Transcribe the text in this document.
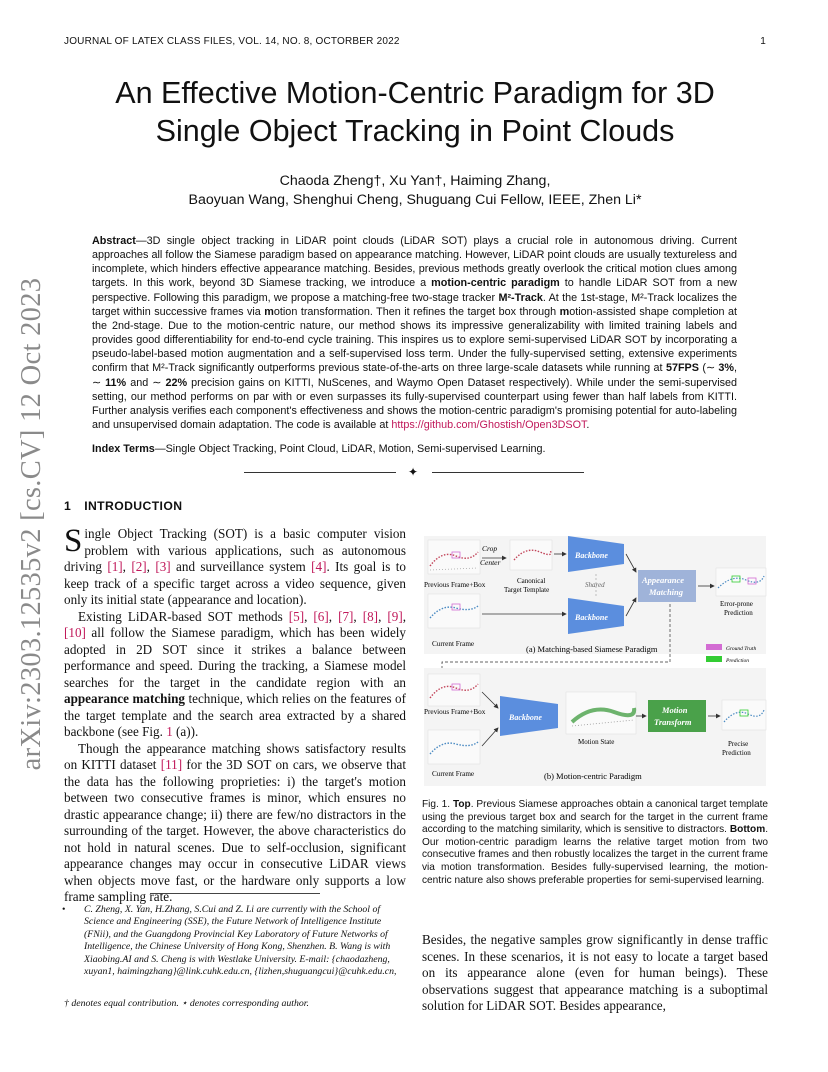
JOURNAL OF LATEX CLASS FILES, VOL. 14, NO. 8, OCTORBER 2022	1
arXiv:2303.12535v2 [cs.CV] 12 Oct 2023
An Effective Motion-Centric Paradigm for 3D
Single Object Tracking in Point Clouds
Chaoda Zheng†, Xu Yan†, Haiming Zhang,
Baoyuan Wang, Shenghui Cheng, Shuguang Cui Fellow, IEEE, Zhen Li*
Abstract—3D single object tracking in LiDAR point clouds (LiDAR SOT) plays a crucial role in autonomous driving. Current approaches all follow the Siamese paradigm based on appearance matching. However, LiDAR point clouds are usually textureless and incomplete, which hinders effective appearance matching. Besides, previous methods greatly overlook the critical motion clues among targets. In this work, beyond 3D Siamese tracking, we introduce a motion-centric paradigm to handle LiDAR SOT from a new perspective. Following this paradigm, we propose a matching-free two-stage tracker M²-Track. At the 1st-stage, M²-Track localizes the target within successive frames via motion transformation. Then it refines the target box through motion-assisted shape completion at the 2nd-stage. Due to the motion-centric nature, our method shows its impressive generalizability with limited training labels and provides good differentiability for end-to-end cycle training. This inspires us to explore semi-supervised LiDAR SOT by incorporating a pseudo-label-based motion augmentation and a self-supervised loss term. Under the fully-supervised setting, extensive experiments confirm that M²-Track significantly outperforms previous state-of-the-arts on three large-scale datasets while running at 57FPS (∼ 3%, ∼ 11% and ∼ 22% precision gains on KITTI, NuScenes, and Waymo Open Dataset respectively). While under the semi-supervised setting, our method performs on par with or even surpasses its fully-supervised counterpart using fewer than half labels from KITTI. Further analysis verifies each component's effectiveness and shows the motion-centric paradigm's promising potential for auto-labeling and unsupervised domain adaptation. The code is available at https://github.com/Ghostish/Open3DSOT.
Index Terms—Single Object Tracking, Point Cloud, LiDAR, Motion, Semi-supervised Learning.
✦
1 INTRODUCTION

Single Object Tracking (SOT) is a basic computer vision problem with various applications, such as autonomous driving [1], [2], [3] and surveillance system [4]. Its goal is to keep track of a specific target across a video sequence, given only its initial state (appearance and location).

Existing LiDAR-based SOT methods [5], [6], [7], [8], [9], [10] all follow the Siamese paradigm, which has been widely adopted in 2D SOT since it strikes a balance between performance and speed. During the tracking, a Siamese model searches for the target in the candidate region with an appearance matching technique, which relies on the features of the target template and the search area extracted by a shared backbone (see Fig. 1 (a)).

Though the appearance matching shows satisfactory results on KITTI dataset [11] for the 3D SOT on cars, we observe that the data has the following proprieties: i) the target's motion between two consecutive frames is minor, which ensures no drastic appearance change; ii) there are few/no distractors in the surrounding of the target. However, the above characteristics do not hold in natural scenes. Due to self-occlusion, significant appearance changes may occur in consecutive LiDAR views when objects move fast, or the hardware only supports a low frame sampling rate.

• C. Zheng, X. Yan, H.Zhang, S.Cui and Z. Li are currently with the School of Science and Engineering (SSE), the Future Network of Intelligence Institute (FNii), and the Guangdong Provincial Key Laboratory of Future Networks of Intelligence, the Chinese University of Hong Kong, Shenzhen. B. Wang is with Xiaobing.AI and S. Cheng is with Westlake University. E-mail: {chaodazheng, xuyan1, haimingzhang}@link.cuhk.edu.cn, {lizhen,shuguangcui}@cuhk.edu.cn,
† denotes equal contribution. ⋆ denotes corresponding author.
Previous Frame+Box
Crop
Center
Canonical
Target Template
Backbone
Shared
Backbone
Appearance
Matching
Error-prone
Prediction
Current Frame	(a) Matching-based Siamese Paradigm	Ground Truth
Prediction
Previous Frame+Box
Current Frame
Backbone
Motion State
Motion
Transform
Precise
Prediction
(b) Motion-centric Paradigm
Fig. 1. Top. Previous Siamese approaches obtain a canonical target template using the previous target box and search for the target in the current frame according to the matching similarity, which is sensitive to distractors. Bottom. Our motion-centric paradigm learns the relative target motion from two consecutive frames and then robustly localizes the target in the current frame via motion transformation. Besides fully-supervised learning, the motion-centric nature also shows preferable properties for semi-supervised learning.
Besides, the negative samples grow significantly in dense traffic scenes. In these scenarios, it is not easy to locate a target based on its appearance alone (even for human beings). These observations suggest that appearance matching is a suboptimal solution for LiDAR SOT. Besides appearance,
